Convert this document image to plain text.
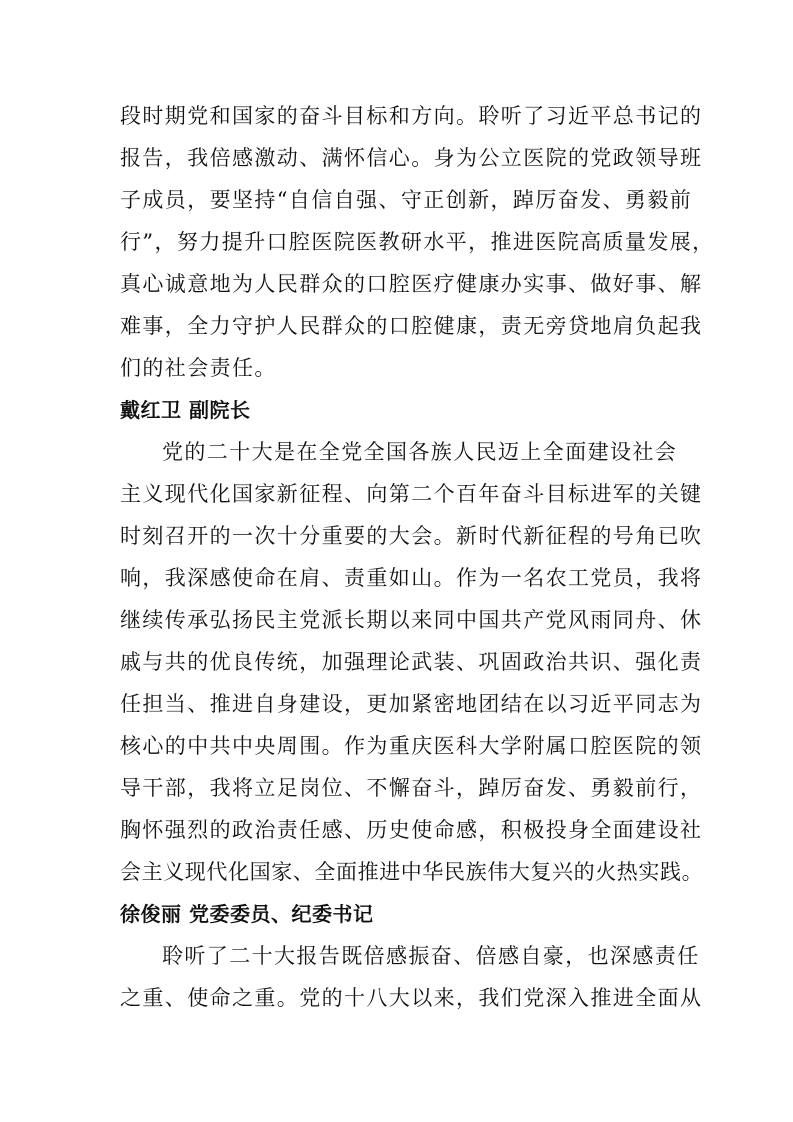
段时期党和国家的奋斗目标和方向。聆听了习近平总书记的
报告，我倍感激动、满怀信心。身为公立医院的党政领导班
子成员，要坚持“自信自强、守正创新，踔厉奋发、勇毅前
行”，努力提升口腔医院医教研水平，推进医院高质量发展，
真心诚意地为人民群众的口腔医疗健康办实事、做好事、解
难事，全力守护人民群众的口腔健康，责无旁贷地肩负起我
们的社会责任。
戴红卫 副院长
党的二十大是在全党全国各族人民迈上全面建设社会
主义现代化国家新征程、向第二个百年奋斗目标进军的关键
时刻召开的一次十分重要的大会。新时代新征程的号角已吹
响，我深感使命在肩、责重如山。作为一名农工党员，我将
继续传承弘扬民主党派长期以来同中国共产党风雨同舟、休
戚与共的优良传统，加强理论武装、巩固政治共识、强化责
任担当、推进自身建设，更加紧密地团结在以习近平同志为
核心的中共中央周围。作为重庆医科大学附属口腔医院的领
导干部，我将立足岗位、不懈奋斗，踔厉奋发、勇毅前行，
胸怀强烈的政治责任感、历史使命感，积极投身全面建设社
会主义现代化国家、全面推进中华民族伟大复兴的火热实践。
徐俊丽 党委委员、纪委书记
聆听了二十大报告既倍感振奋、倍感自豪，也深感责任
之重、使命之重。党的十八大以来，我们党深入推进全面从
